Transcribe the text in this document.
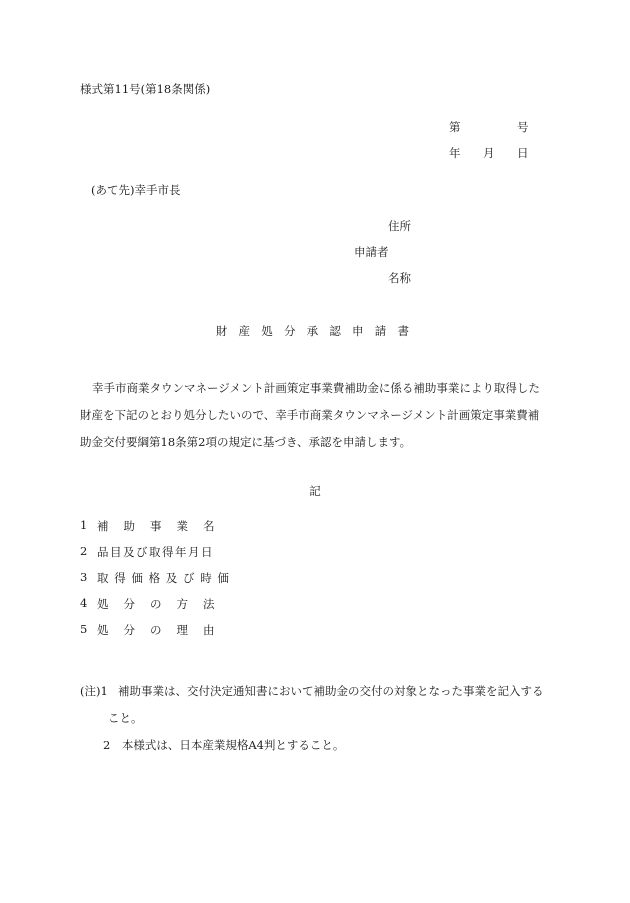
様式第11号(第18条関係)
第	号
年 月 日
(あて先)幸手市長
住所
申請者
名称
財産処分承認申請書
幸手市商業タウンマネージメント計画策定事業費補助金に係る補助事業により取得した財産を下記のとおり処分したいので、幸手市商業タウンマネージメント計画策定事業費補助金交付要綱第18条第2項の規定に基づき、承認を申請します。
記
1 補助事業名
2 品目及び取得年月日
3 取得価格及び時価
4 処分の方法
5 処分の理由
(注)1 補助事業は、交付決定通知書において補助金の交付の対象となった事業を記入する
こと。
2　本様式は、日本産業規格A4判とすること。
